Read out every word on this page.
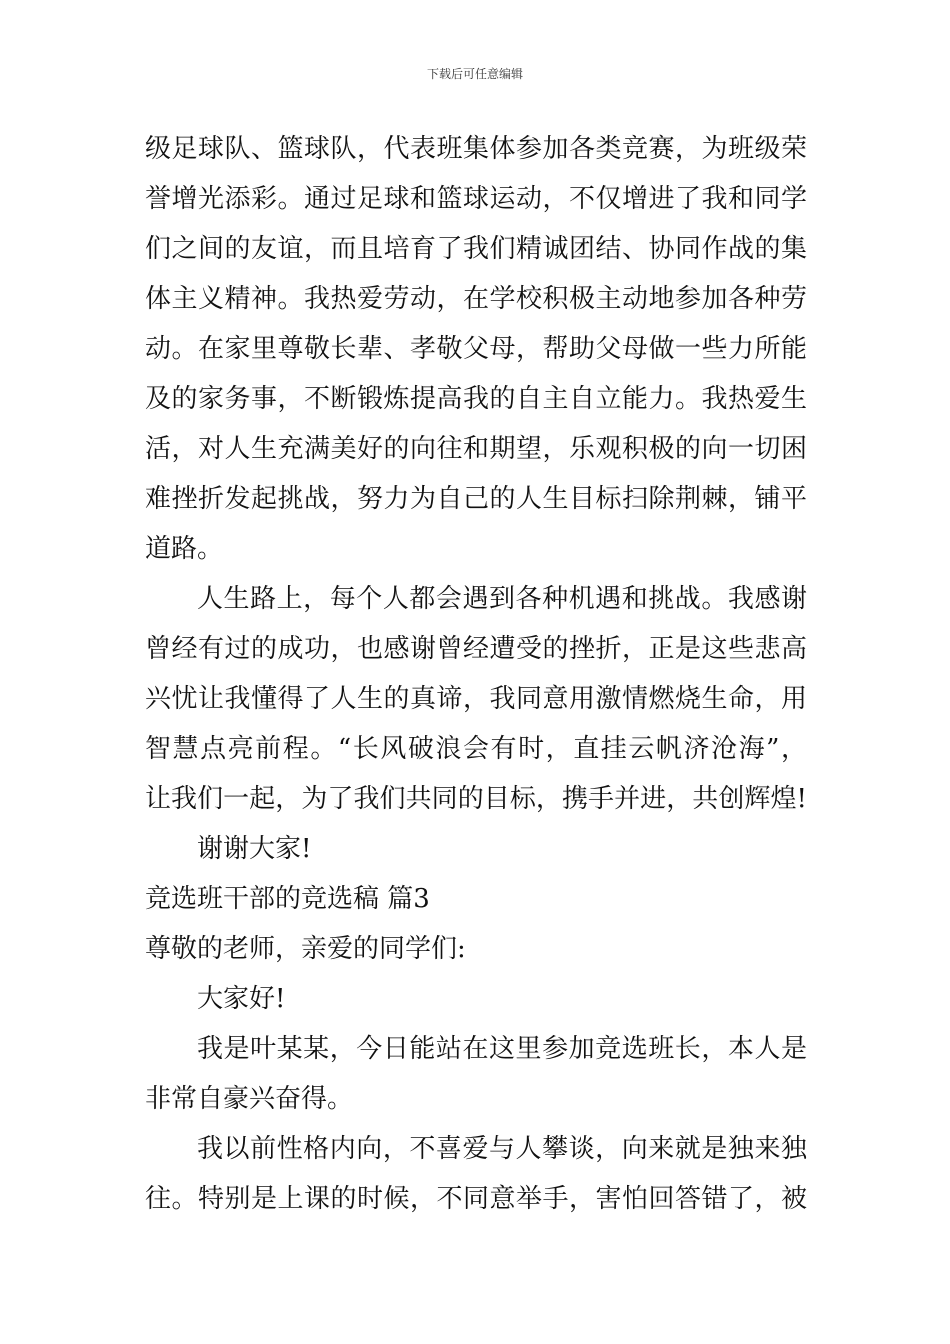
下载后可任意编辑
级足球队、篮球队，代表班集体参加各类竞赛，为班级荣
誉增光添彩。通过足球和篮球运动，不仅增进了我和同学
们之间的友谊，而且培育了我们精诚团结、协同作战的集
体主义精神。我热爱劳动，在学校积极主动地参加各种劳
动。在家里尊敬长辈、孝敬父母，帮助父母做一些力所能
及的家务事，不断锻炼提高我的自主自立能力。我热爱生
活，对人生充满美好的向往和期望，乐观积极的向一切困
难挫折发起挑战，努力为自己的人生目标扫除荆棘，铺平
道路。
人生路上，每个人都会遇到各种机遇和挑战。我感谢
曾经有过的成功，也感谢曾经遭受的挫折，正是这些悲高
兴忧让我懂得了人生的真谛，我同意用激情燃烧生命，用
智慧点亮前程。“长风破浪会有时，直挂云帆济沧海”，
让我们一起，为了我们共同的目标，携手并进，共创辉煌!
谢谢大家!
竞选班干部的竞选稿 篇3
尊敬的老师，亲爱的同学们:
大家好!
我是叶某某，今日能站在这里参加竞选班长，本人是
非常自豪兴奋得。
我以前性格内向，不喜爱与人攀谈，向来就是独来独
往。特别是上课的时候，不同意举手，害怕回答错了，被
